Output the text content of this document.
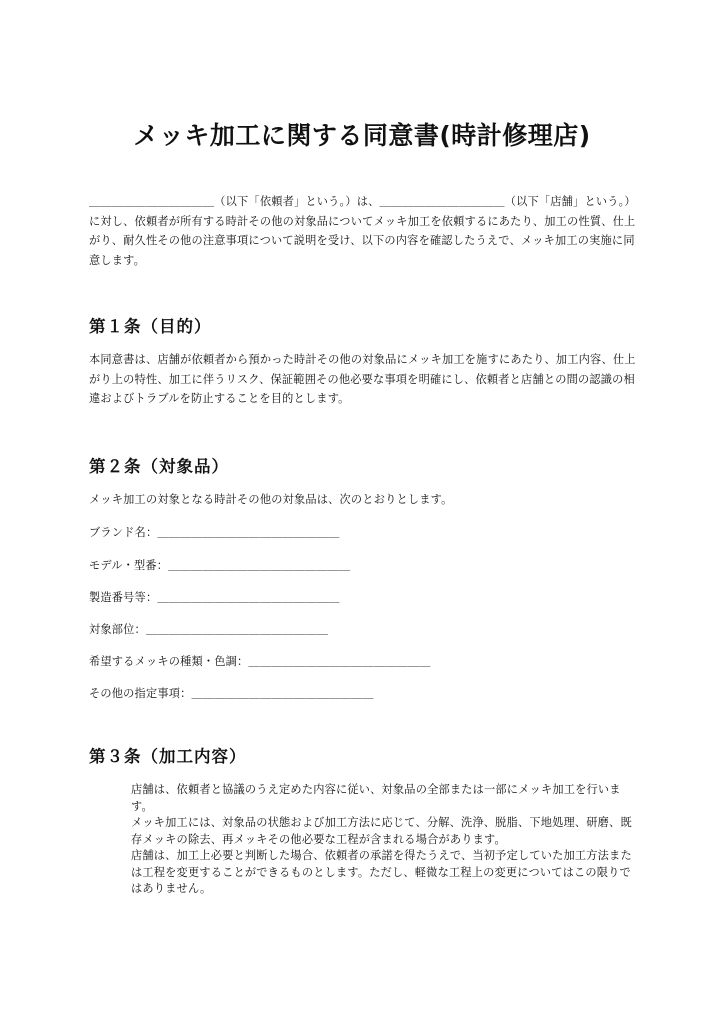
メッキ加工に関する同意書(時計修理店)

＿＿＿＿＿＿＿＿＿＿＿（以下「依頼者」という。）は、＿＿＿＿＿＿＿＿＿＿＿（以下「店舗」という。）に対し、依頼者が所有する時計その他の対象品についてメッキ加工を依頼するにあたり、加工の性質、仕上がり、耐久性その他の注意事項について説明を受け、以下の内容を確認したうえで、メッキ加工の実施に同意します。

第１条（目的）

本同意書は、店舗が依頼者から預かった時計その他の対象品にメッキ加工を施すにあたり、加工内容、仕上がり上の特性、加工に伴うリスク、保証範囲その他必要な事項を明確にし、依頼者と店舗との間の認識の相違およびトラブルを防止することを目的とします。

第２条（対象品）
メッキ加工の対象となる時計その他の対象品は、次のとおりとします。
ブランド名：＿＿＿＿＿＿＿＿＿＿＿＿＿＿＿＿
モデル・型番：＿＿＿＿＿＿＿＿＿＿＿＿＿＿＿＿
製造番号等：＿＿＿＿＿＿＿＿＿＿＿＿＿＿＿＿
対象部位：＿＿＿＿＿＿＿＿＿＿＿＿＿＿＿＿
希望するメッキの種類・色調：＿＿＿＿＿＿＿＿＿＿＿＿＿＿＿＿
その他の指定事項：＿＿＿＿＿＿＿＿＿＿＿＿＿＿＿＿
第３条（加工内容）

店舗は、依頼者と協議のうえ定めた内容に従い、対象品の全部または一部にメッキ加工を行います。

メッキ加工には、対象品の状態および加工方法に応じて、分解、洗浄、脱脂、下地処理、研磨、既存メッキの除去、再メッキその他必要な工程が含まれる場合があります。

店舗は、加工上必要と判断した場合、依頼者の承諾を得たうえで、当初予定していた加工方法または工程を変更することができるものとします。ただし、軽微な工程上の変更についてはこの限りではありません。
